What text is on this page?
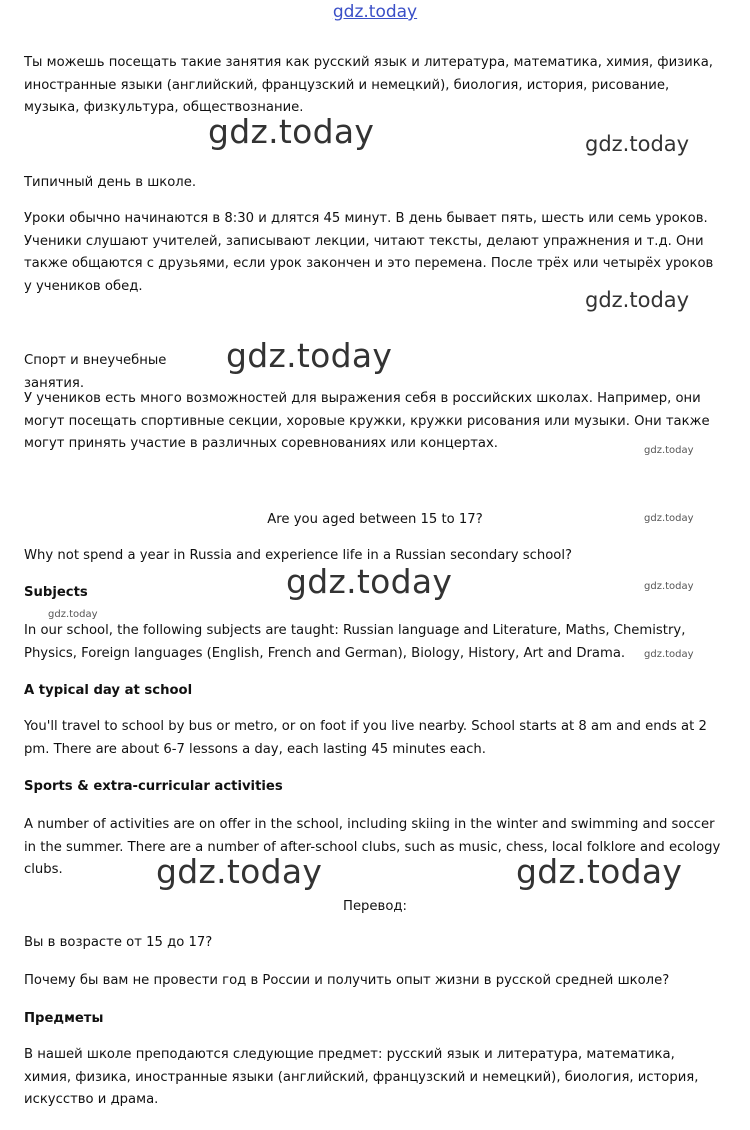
gdz.today

Ты можешь посещать такие занятия как русский язык и литература, математика, химия, физика, иностранные языки (английский, французский и немецкий), биология, история, рисование, музыка, физкультура, обществознание.

gdz.today	gdz.today

Типичный день в школе.

Уроки обычно начинаются в 8:30 и длятся 45 минут. В день бывает пять, шесть или семь уроков. Ученики слушают учителей, записывают лекции, читают тексты, делают упражнения и т.д. Они также общаются с друзьями, если урок закончен и это перемена. После трёх или четырёх уроков у учеников обед.

gdz.today

Спорт и внеучебные занятия.

gdz.today

У учеников есть много возможностей для выражения себя в российских школах. Например, они могут посещать спортивные секции, хоровые кружки, кружки рисования или музыки. Они также могут принять участие в различных соревнованиях или концертах.	gdz.today

Are you aged between 15 to 17?	gdz.today

Why not spend a year in Russia and experience life in a Russian secondary school?

gdz.today	gdz.today

Subjects

gdz.today

In our school, the following subjects are taught: Russian language and Literature, Maths, Chemistry, Physics, Foreign languages (English, French and German), Biology, History, Art and Drama.	gdz.today

A typical day at school

You'll travel to school by bus or metro, or on foot if you live nearby. School starts at 8 am and ends at 2 pm. There are about 6-7 lessons a day, each lasting 45 minutes each.

Sports & extra-curricular activities

A number of activities are on offer in the school, including skiing in the winter and swimming and soccer in the summer. There are a number of after-school clubs, such as music, chess, local folklore and ecology clubs.	gdz.today	gdz.today

Перевод:

Вы в возрасте от 15 до 17?

Почему бы вам не провести год в России и получить опыт жизни в русской средней школе?

Предметы

В нашей школе преподаются следующие предмет: русский язык и литература, математика, химия, физика, иностранные языки (английский, французский и немецкий), биология, история, искусство и драма.
